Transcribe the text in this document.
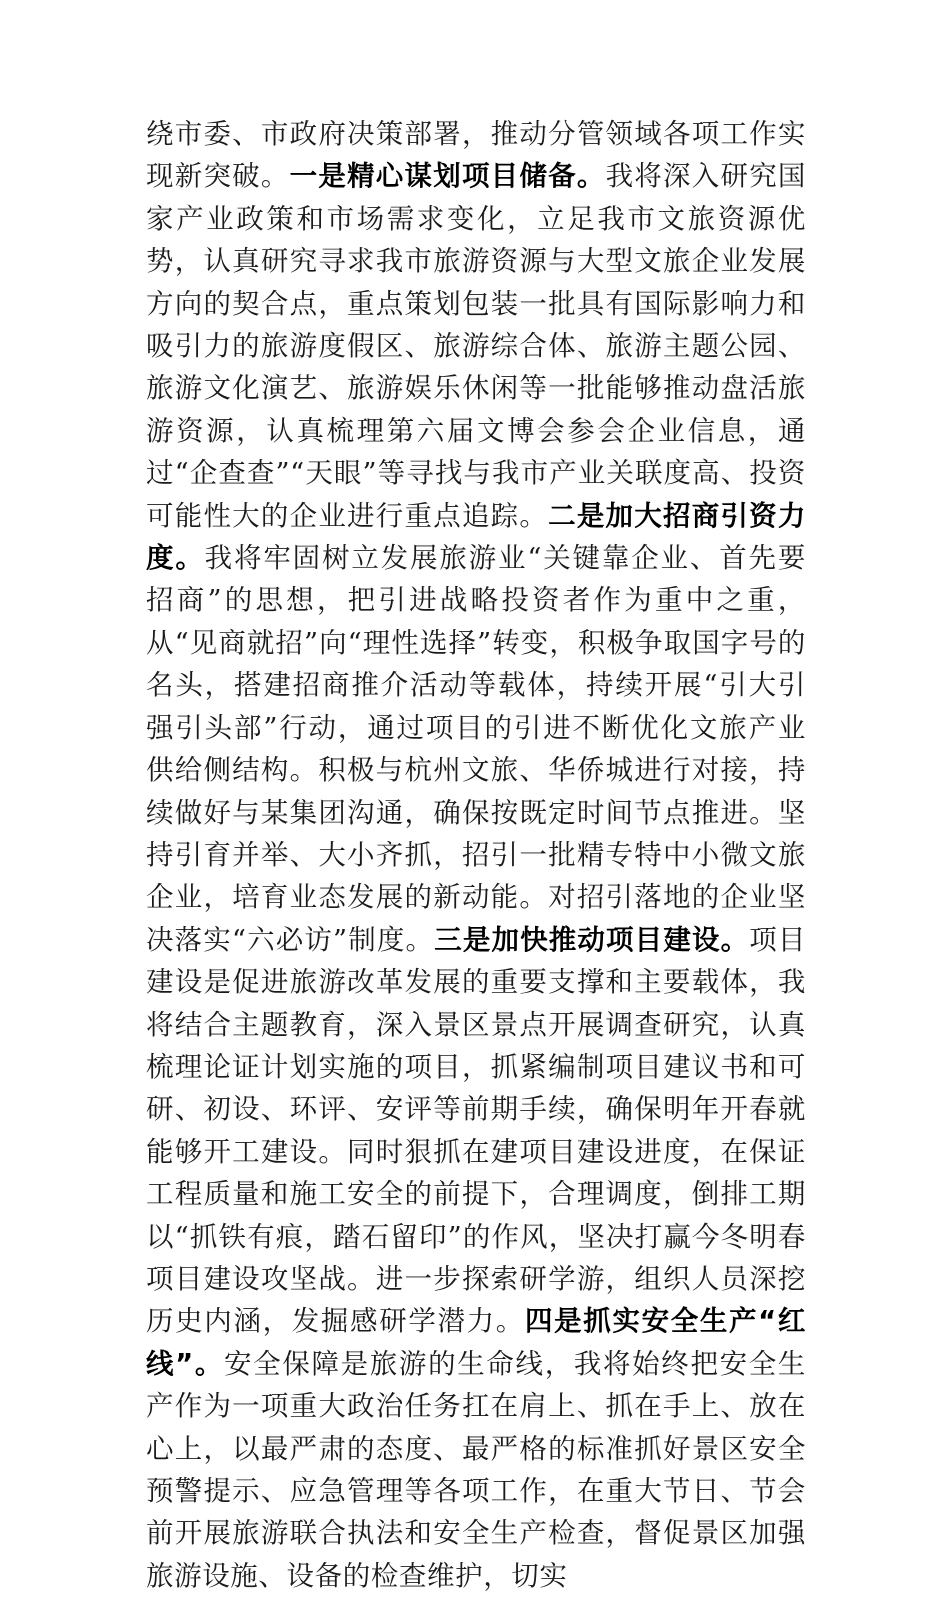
绕市委、市政府决策部署，推动分管领域各项工作实现新突破。一是精心谋划项目储备。我将深入研究国家产业政策和市场需求变化，立足我市文旅资源优势，认真研究寻求我市旅游资源与大型文旅企业发展方向的契合点，重点策划包装一批具有国际影响力和吸引力的旅游度假区、旅游综合体、旅游主题公园、旅游文化演艺、旅游娱乐休闲等一批能够推动盘活旅游资源，认真梳理第六届文博会参会企业信息，通过“企查查”“天眼”等寻找与我市产业关联度高、投资可能性大的企业进行重点追踪。二是加大招商引资力度。我将牢固树立发展旅游业“关键靠企业、首先要招商”的思想，把引进战略投资者作为重中之重，从“见商就招”向“理性选择”转变，积极争取国字号的名头，搭建招商推介活动等载体，持续开展“引大引强引头部”行动，通过项目的引进不断优化文旅产业供给侧结构。积极与杭州文旅、华侨城进行对接，持续做好与某集团沟通，确保按既定时间节点推进。坚持引育并举、大小齐抓，招引一批精专特中小微文旅企业，培育业态发展的新动能。对招引落地的企业坚决落实“六必访”制度。三是加快推动项目建设。项目建设是促进旅游改革发展的重要支撑和主要载体，我将结合主题教育，深入景区景点开展调查研究，认真梳理论证计划实施的项目，抓紧编制项目建议书和可研、初设、环评、安评等前期手续，确保明年开春就能够开工建设。同时狠抓在建项目建设进度，在保证工程质量和施工安全的前提下，合理调度，倒排工期以“抓铁有痕，踏石留印”的作风，坚决打赢今冬明春项目建设攻坚战。进一步探索研学游，组织人员深挖历史内涵，发掘感研学潜力。四是抓实安全生产“红线”。安全保障是旅游的生命线，我将始终把安全生产作为一项重大政治任务扛在肩上、抓在手上、放在心上，以最严肃的态度、最严格的标准抓好景区安全预警提示、应急管理等各项工作，在重大节日、节会前开展旅游联合执法和安全生产检查，督促景区加强旅游设施、设备的检查维护，切实
